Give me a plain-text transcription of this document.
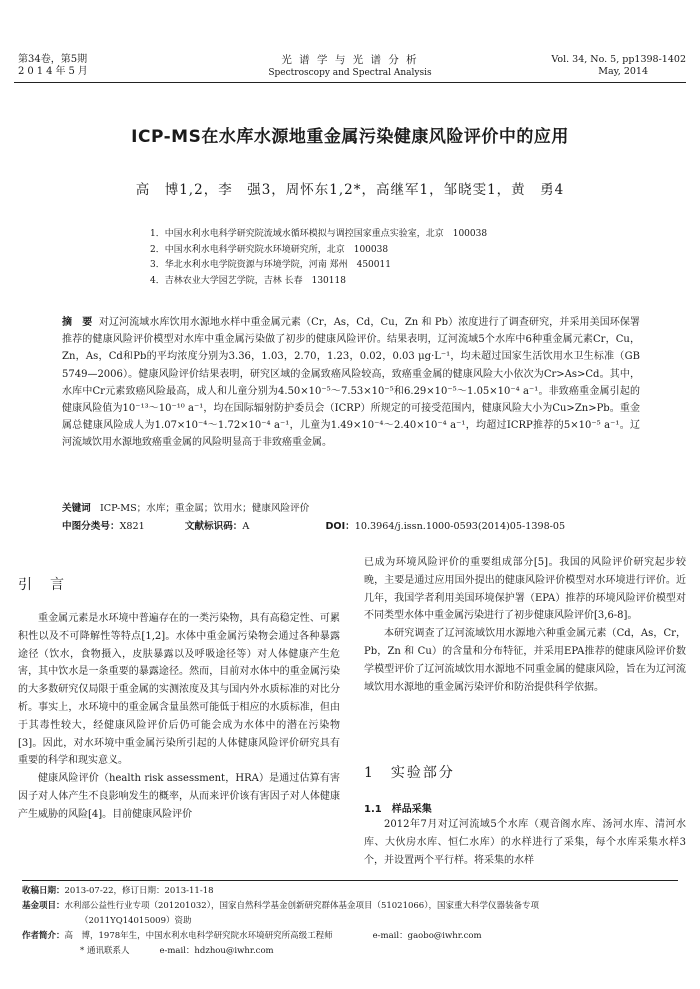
第34卷，第5期
2014年5月
光 谱 学 与 光 谱 分 析
Spectroscopy and Spectral Analysis
Vol. 34, No. 5, pp1398-1402
May, 2014
ICP-MS在水库水源地重金属污染健康风险评价中的应用
高　博1,2，李　强3，周怀东1,2*，高继军1，邹晓雯1，黄　勇4
1．中国水利水电科学研究院流域水循环模拟与调控国家重点实验室，北京　100038
2．中国水利水电科学研究院水环境研究所，北京　100038
3．华北水利水电学院资源与环境学院，河南 郑州　450011
4．吉林农业大学园艺学院，吉林 长春　130118
摘　要 对辽河流域水库饮用水源地水样中重金属元素（Cr，As，Cd，Cu，Zn 和 Pb）浓度进行了调查研究，并采用美国环保署推荐的健康风险评价模型对水库中重金属污染做了初步的健康风险评价。结果表明，辽河流域5个水库中6种重金属元素Cr，Cu，Zn，As，Cd和Pb的平均浓度分别为3.36，1.03，2.70，1.23，0.02，0.03 μg·L⁻¹，均未超过国家生活饮用水卫生标准（GB 5749—2006）。健康风险评价结果表明，研究区域的金属致癌风险较高，致癌重金属的健康风险大小依次为Cr>As>Cd。其中，水库中Cr元素致癌风险最高，成人和儿童分别为4.50×10⁻⁵～7.53×10⁻⁵和6.29×10⁻⁵～1.05×10⁻⁴ a⁻¹。非致癌重金属引起的健康风险值为10⁻¹³～10⁻¹⁰ a⁻¹，均在国际辐射防护委员会（ICRP）所规定的可接受范围内，健康风险大小为Cu>Zn>Pb。重金属总健康风险成人为1.07×10⁻⁴～1.72×10⁻⁴ a⁻¹，儿童为1.49×10⁻⁴～2.40×10⁻⁴ a⁻¹，均超过ICRP推荐的5×10⁻⁵ a⁻¹。辽河流域饮用水源地致癌重金属的风险明显高于非致癌重金属。
关键词 ICP-MS；水库；重金属；饮用水；健康风险评价
中图分类号：X821	文献标识码：A	DOI：10.3964/j.issn.1000-0593(2014)05-1398-05
引　言

重金属元素是水环境中普遍存在的一类污染物，具有高稳定性、可累积性以及不可降解性等特点[1,2]。水体中重金属污染物会通过各种暴露途径（饮水，食物摄入，皮肤暴露以及呼吸途径等）对人体健康产生危害，其中饮水是一条重要的暴露途径。然而，目前对水体中的重金属污染的大多数研究仅局限于重金属的实测浓度及其与国内外水质标准的对比分析。事实上，水环境中的重金属含量虽然可能低于相应的水质标准，但由于其毒性较大，经健康风险评价后仍可能会成为水体中的潜在污染物[3]。因此，对水环境中重金属污染所引起的人体健康风险评价研究具有重要的科学和现实意义。

健康风险评价（health risk assessment，HRA）是通过估算有害因子对人体产生不良影响发生的概率，从而来评价该有害因子对人体健康产生威胁的风险[4]。目前健康风险评价

已成为环境风险评价的重要组成部分[5]。我国的风险评价研究起步较晚，主要是通过应用国外提出的健康风险评价模型对水环境进行评价。近几年，我国学者利用美国环境保护署（EPA）推荐的环境风险评价模型对不同类型水体中重金属污染进行了初步健康风险评价[3,6-8]。

本研究调查了辽河流域饮用水源地六种重金属元素（Cd，As，Cr，Pb，Zn 和 Cu）的含量和分布特征，并采用EPA推荐的健康风险评价数学模型评价了辽河流域饮用水源地不同重金属的健康风险，旨在为辽河流域饮用水源地的重金属污染评价和防治提供科学依据。

1　实验部分
1.1　样品采集

2012年7月对辽河流域5个水库（观音阁水库、汤河水库、清河水库、大伙房水库、恒仁水库）的水样进行了采集，每个水库采集水样3个，并设置两个平行样。将采集的水样

收稿日期：2013-07-22，修订日期：2013-11-18
基金项目：水利部公益性行业专项（201201032），国家自然科学基金创新研究群体基金项目（51021066），国家重大科学仪器装备专项
（2011YQ14015009）资助
作者简介：高　博，1978年生，中国水利水电科学研究院水环境研究所高级工程师	e-mail：gaobo@iwhr.com
* 通讯联系人	e-mail：hdzhou@iwhr.com
